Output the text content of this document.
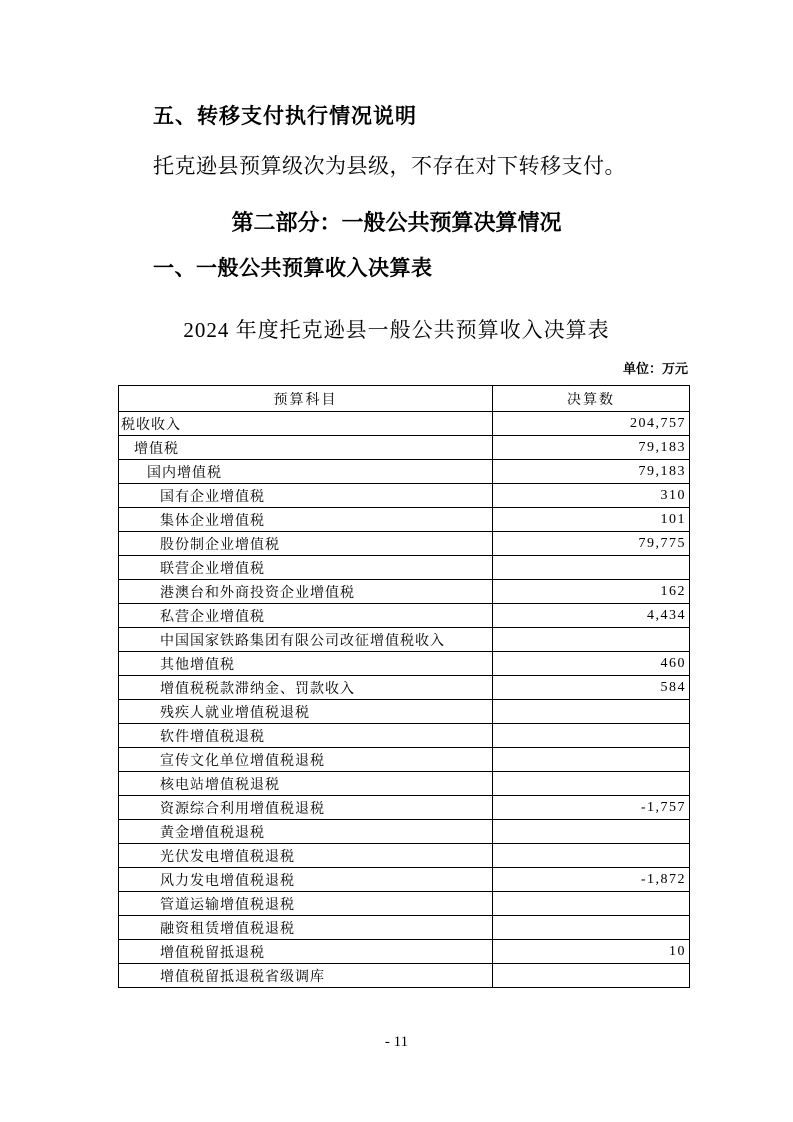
五、转移支付执行情况说明
托克逊县预算级次为县级，不存在对下转移支付。
第二部分：一般公共预算决算情况
一、一般公共预算收入决算表
2024 年度托克逊县一般公共预算收入决算表
单位：万元
预算科目	决算数
税收收入	204,757
增值税	79,183
国内增值税	79,183
国有企业增值税	310
集体企业增值税	101
股份制企业增值税	79,775
联营企业增值税	
港澳台和外商投资企业增值税	162
私营企业增值税	4,434
中国国家铁路集团有限公司改征增值税收入	
其他增值税	460
增值税税款滞纳金、罚款收入	584
残疾人就业增值税退税	
软件增值税退税	
宣传文化单位增值税退税	
核电站增值税退税	
资源综合利用增值税退税	-1,757
黄金增值税退税	
光伏发电增值税退税	
风力发电增值税退税	-1,872
管道运输增值税退税	
融资租赁增值税退税	
增值税留抵退税	10
增值税留抵退税省级调库	
- 11
